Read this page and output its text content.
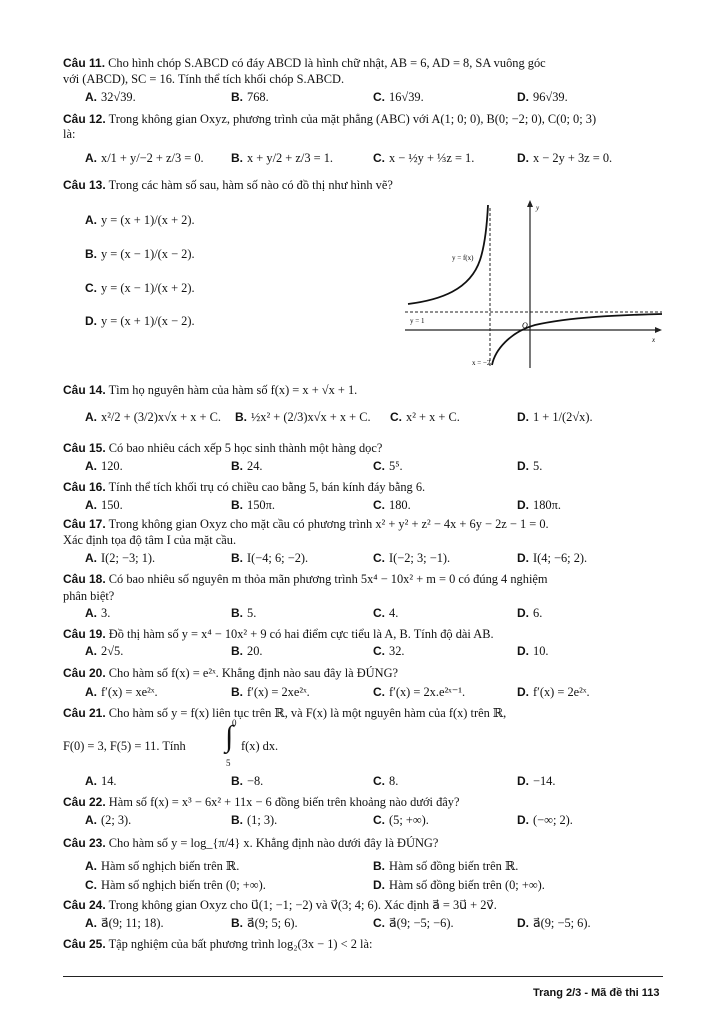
Câu 11. Cho hình chóp S.ABCD có đáy ABCD là hình chữ nhật, AB = 6, AD = 8, SA vuông góc
với (ABCD), SC = 16. Tính thể tích khối chóp S.ABCD.
A. 32√39.	B. 768.	C. 16√39.	D. 96√39.
Câu 12. Trong không gian Oxyz, phương trình của mặt phẳng (ABC) với A(1; 0; 0), B(0; −2; 0), C(0; 0; 3)
là:
A. x/1 + y/−2 + z/3 = 0. B. x + y/2 + z/3 = 1.	C. x − ½y + ⅓z = 1.	D. x − 2y + 3z = 0.
Câu 13. Trong các hàm số sau, hàm số nào có đồ thị như hình vẽ?
A. y = (x + 1)/(x + 2).
B. y = (x − 1)/(x − 2).
C. y = (x − 1)/(x + 2).
D. y = (x + 1)/(x − 2).
y = f(x)
y = 1
x = −2
O
x
y
Câu 14. Tìm họ nguyên hàm của hàm số f(x) = x + √x + 1.
A. x²/2 + (3/2)x√x + x + C. B. ½x² + (2/3)x√x + x + C. C. x² + x + C.	D. 1 + 1/(2√x).
Câu 15. Có bao nhiêu cách xếp 5 học sinh thành một hàng dọc?
A. 120.	B. 24.	C. 5⁵.	D. 5.
Câu 16. Tính thể tích khối trụ có chiều cao bằng 5, bán kính đáy bằng 6.
A. 150.	B. 150π.	C. 180.	D. 180π.
Câu 17. Trong không gian Oxyz cho mặt cầu có phương trình x² + y² + z² − 4x + 6y − 2z − 1 = 0.
Xác định tọa độ tâm I của mặt cầu.
A. I(2; −3; 1).	B. I(−4; 6; −2).	C. I(−2; 3; −1).	D. I(4; −6; 2).
Câu 18. Có bao nhiêu số nguyên m thỏa mãn phương trình 5x⁴ − 10x² + m = 0 có đúng 4 nghiệm
phân biệt?
A. 3.	B. 5.	C. 4.	D. 6.
Câu 19. Đồ thị hàm số y = x⁴ − 10x² + 9 có hai điểm cực tiểu là A, B. Tính độ dài AB.
A. 2√5.	B. 20.	C. 32.	D. 10.
Câu 20. Cho hàm số f(x) = e²ˣ. Khẳng định nào sau đây là ĐÚNG?
A. f′(x) = xe²ˣ.	B. f′(x) = 2xe²ˣ.	C. f′(x) = 2x.e²ˣ⁻¹.	D. f′(x) = 2e²ˣ.
Câu 21. Cho hàm số y = f(x) liên tục trên ℝ, và F(x) là một nguyên hàm của f(x) trên ℝ,
F(0) = 3, F(5) = 11. Tính
0
∫
5
f(x) dx.
A. 14.	B. −8.	C. 8.	D. −14.
Câu 22. Hàm số f(x) = x³ − 6x² + 11x − 6 đồng biến trên khoảng nào dưới đây?
A. (2; 3).	B. (1; 3).	C. (5; +∞).	D. (−∞; 2).
Câu 23. Cho hàm số y = log_{π/4} x. Khẳng định nào dưới đây là ĐÚNG?
A. Hàm số nghịch biến trên ℝ.	B. Hàm số đồng biến trên ℝ.
C. Hàm số nghịch biến trên (0; +∞).	D. Hàm số đồng biến trên (0; +∞).
Câu 24. Trong không gian Oxyz cho u⃗(1; −1; −2) và v⃗(3; 4; 6). Xác định a⃗ = 3u⃗ + 2v⃗.
A. a⃗(9; 11; 18).	B. a⃗(9; 5; 6).	C. a⃗(9; −5; −6).	D. a⃗(9; −5; 6).
Câu 25. Tập nghiệm của bất phương trình log₂(3x − 1) < 2 là:
Trang 2/3 - Mã đề thi 113
